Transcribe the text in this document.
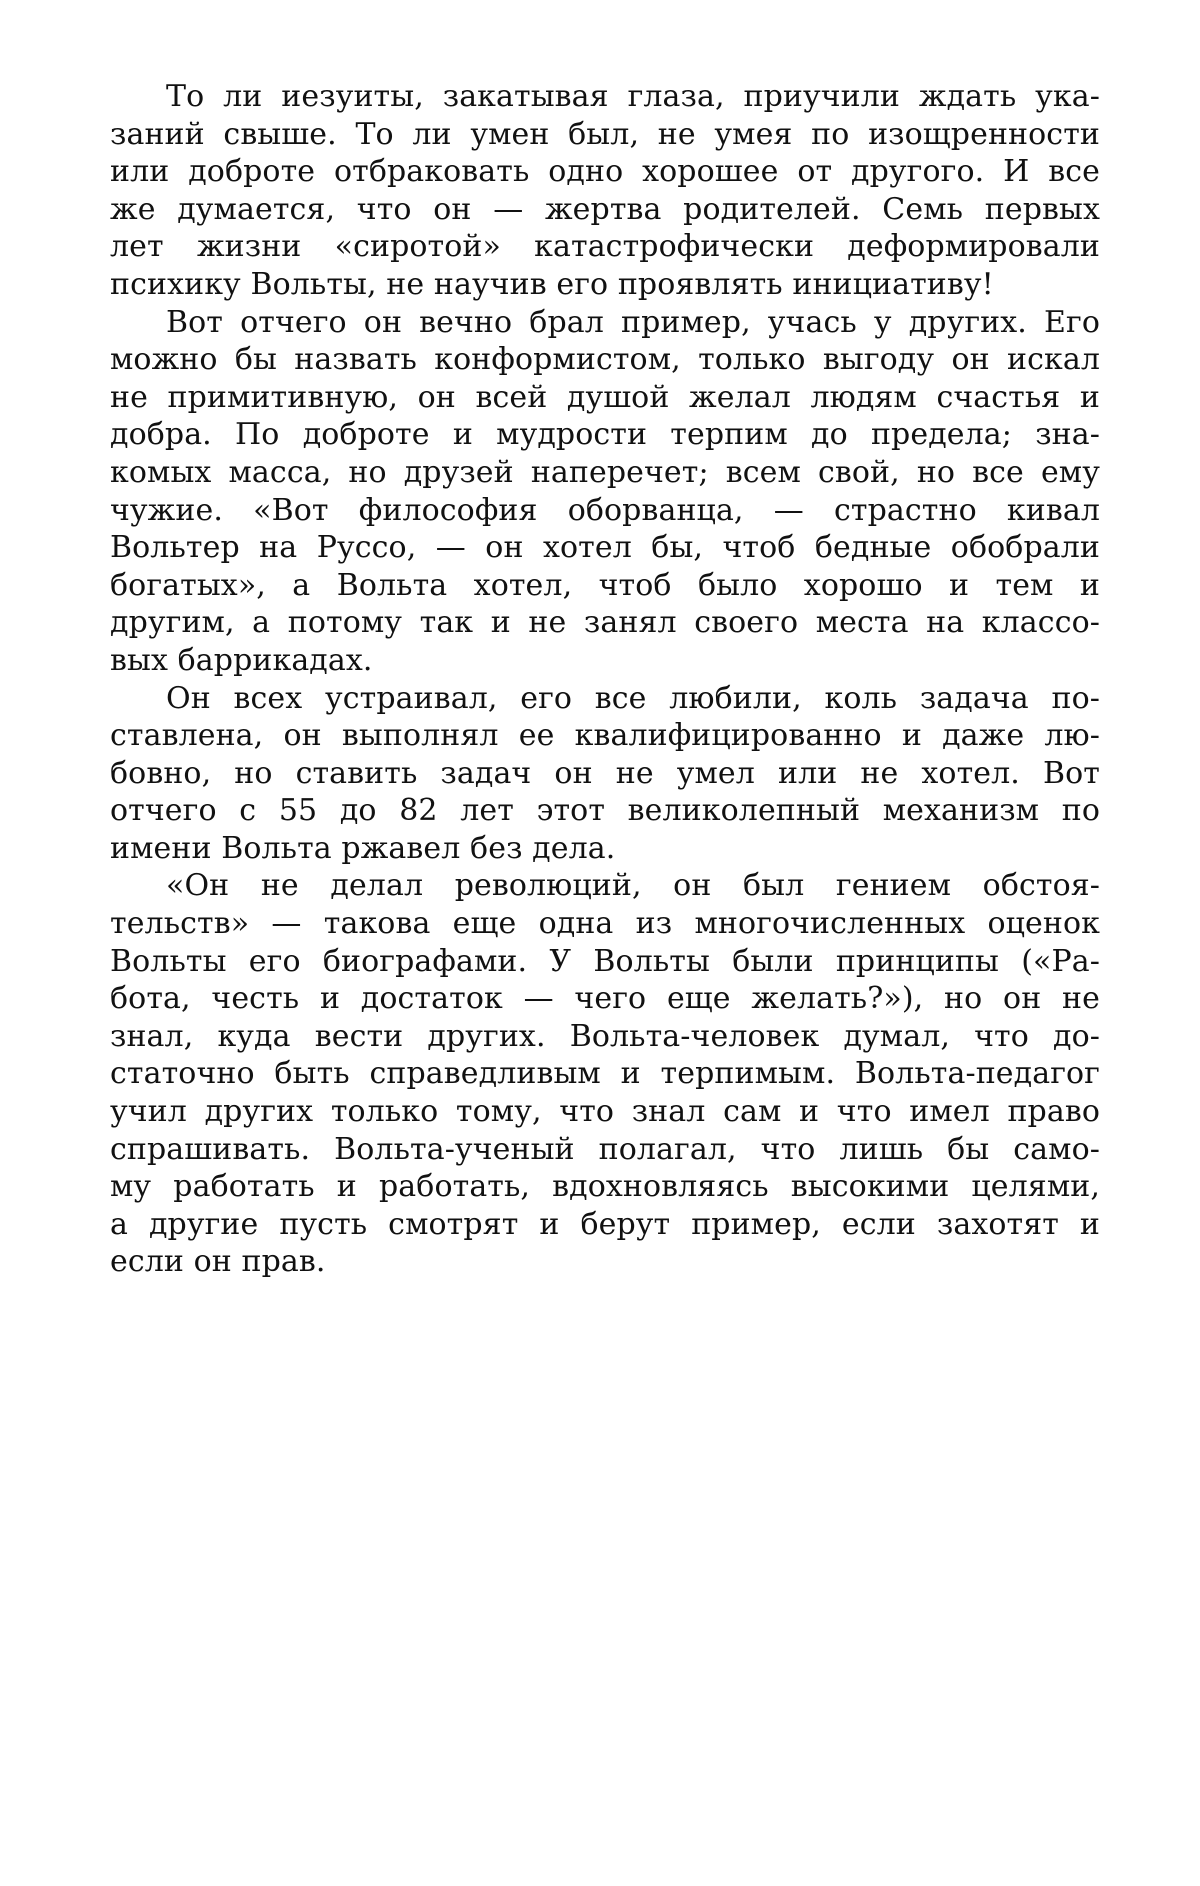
То ли иезуиты, закатывая глаза, приучили ждать ука-
заний свыше. То ли умен был, не умея по изощренности
или доброте отбраковать одно хорошее от другого. И все
же думается, что он — жертва родителей. Семь первых
лет жизни «сиротой» катастрофически деформировали
психику Вольты, не научив его проявлять инициативу!
Вот отчего он вечно брал пример, учась у других. Его
можно бы назвать конформистом, только выгоду он искал
не примитивную, он всей душой желал людям счастья и
добра. По доброте и мудрости терпим до предела; зна-
комых масса, но друзей наперечет; всем свой, но все ему
чужие. «Вот философия оборванца, — страстно кивал
Вольтер на Руссо, — он хотел бы, чтоб бедные обобрали
богатых», а Вольта хотел, чтоб было хорошо и тем и
другим, а потому так и не занял своего места на классо-
вых баррикадах.
Он всех устраивал, его все любили, коль задача по-
ставлена, он выполнял ее квалифицированно и даже лю-
бовно, но ставить задач он не умел или не хотел. Вот
отчего с 55 до 82 лет этот великолепный механизм по
имени Вольта ржавел без дела.
«Он не делал революций, он был гением обстоя-
тельств» — такова еще одна из многочисленных оценок
Вольты его биографами. У Вольты были принципы («Ра-
бота, честь и достаток — чего еще желать?»), но он не
знал, куда вести других. Вольта-человек думал, что до-
статочно быть справедливым и терпимым. Вольта-педагог
учил других только тому, что знал сам и что имел право
спрашивать. Вольта-ученый полагал, что лишь бы само-
му работать и работать, вдохновляясь высокими целями,
а другие пусть смотрят и берут пример, если захотят и
если он прав.
